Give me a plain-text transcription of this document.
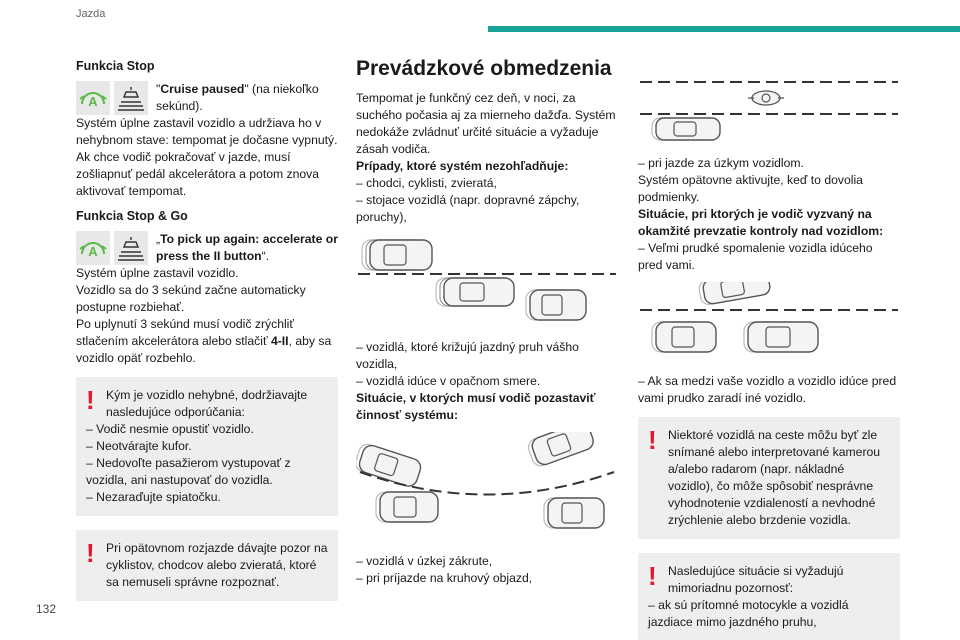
Jazda
132

Funkcia Stop

A
"Cruise paused" (na niekoľko sekúnd).

Systém úplne zastavil vozidlo a udržiava ho v nehybnom stave: tempomat je dočasne vypnutý.

Ak chce vodič pokračovať v jazde, musí zošliapnuť pedál akcelerátora a potom znova aktivovať tempomat.

Funkcia Stop & Go

A
„To pick up again: accelerate or press the II button“.

Systém úplne zastavil vozidlo.

Vozidlo sa do 3 sekúnd začne automaticky postupne rozbiehať.

Po uplynutí 3 sekúnd musí vodič zrýchliť stlačením akcelerátora alebo stlačiť 4-II, aby sa vozidlo opäť rozbehlo.

! Kým je vozidlo nehybné, dodržiavajte nasledujúce odporúčania:

– Vodič nesmie opustiť vozidlo.

– Neotvárajte kufor.

– Nedovoľte pasažierom vystupovať z vozidla, ani nastupovať do vozidla.

– Nezaraďujte spiatočku.

! Pri opätovnom rozjazde dávajte pozor na cyklistov, chodcov alebo zvieratá, ktoré sa nemuseli správne rozpoznať.

Prevádzkové obmedzenia

Tempomat je funkčný cez deň, v noci, za suchého počasia aj za mierneho dažďa. Systém nedokáže zvládnuť určité situácie a vyžaduje zásah vodiča.

Prípady, ktoré systém nezohľadňuje:

– chodci, cyklisti, zvieratá,

– stojace vozidlá (napr. dopravné zápchy, poruchy),

– vozidlá, ktoré križujú jazdný pruh vášho vozidla,

– vozidlá idúce v opačnom smere.

Situácie, v ktorých musí vodič pozastaviť činnosť systému:

– vozidlá v úzkej zákrute,

– pri príjazde na kruhový objazd,

– pri jazde za úzkym vozidlom.

Systém opätovne aktivujte, keď to dovolia podmienky.

Situácie, pri ktorých je vodič vyzvaný na okamžité prevzatie kontroly nad vozidlom:

– Veľmi prudké spomalenie vozidla idúceho pred vami.

– Ak sa medzi vaše vozidlo a vozidlo idúce pred vami prudko zaradí iné vozidlo.

! Niektoré vozidlá na ceste môžu byť zle snímané alebo interpretované kamerou a/alebo radarom (napr. nákladné vozidlo), čo môže spôsobiť nesprávne vyhodnotenie vzdialeností a nevhodné zrýchlenie alebo brzdenie vozidla.

! Nasledujúce situácie si vyžadujú mimoriadnu pozornosť:

– ak sú prítomné motocykle a vozidlá jazdiace mimo jazdného pruhu,
